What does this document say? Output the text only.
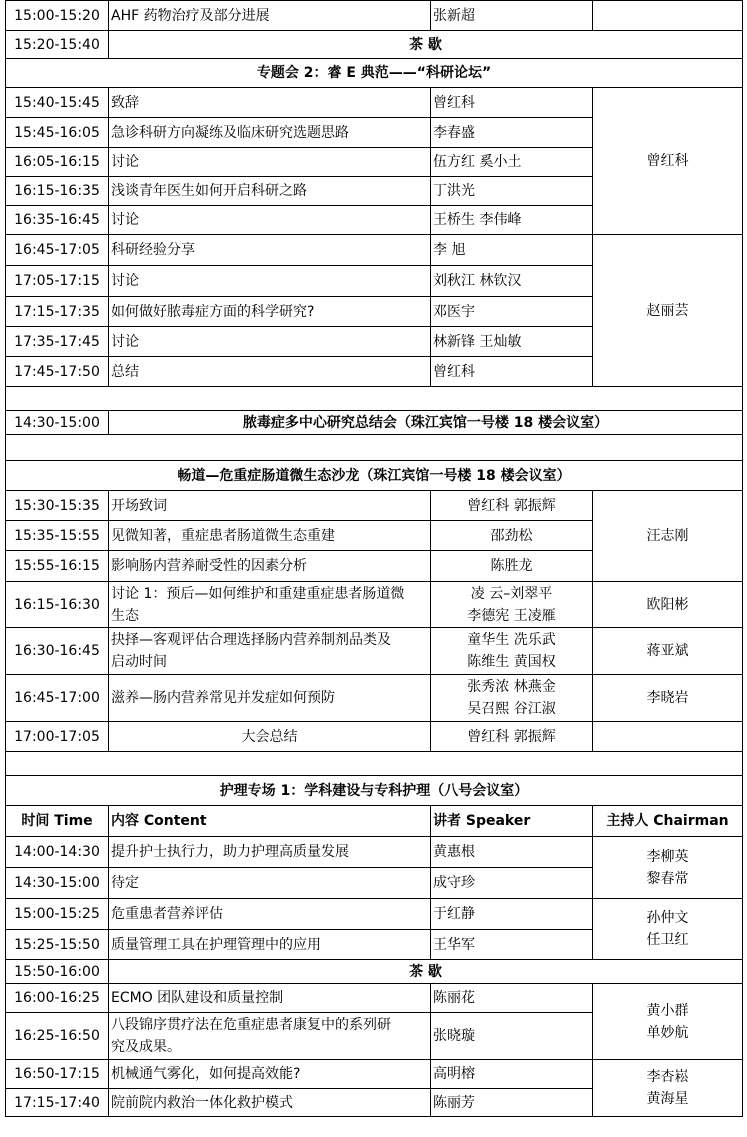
15:00-15:20	AHF 药物治疗及部分进展	张新超	
15:20-15:40	茶 歇		
专题会 2：睿 E 典范——“科研论坛”			
15:40-15:45	致辞	曾红科	曾红科
15:45-16:05	急诊科研方向凝练及临床研究选题思路	李春盛	
16:05-16:15	讨论	伍方红 奚小土	
16:15-16:35	浅谈青年医生如何开启科研之路	丁洪光	
16:35-16:45	讨论	王桥生 李伟峰	
16:45-17:05	科研经验分享	李 旭	赵丽芸
17:05-17:15	讨论	刘秋江 林钦汉	
17:15-17:35	如何做好脓毒症方面的科学研究?	邓医宇	
17:35-17:45	讨论	林新锋 王灿敏	
17:45-17:50	总结	曾红科	

14:30-15:00	脓毒症多中心研究总结会（珠江宾馆一号楼 18 楼会议室）		

畅道—危重症肠道微生态沙龙（珠江宾馆一号楼 18 楼会议室）			
15:30-15:35	开场致词	曾红科 郭振辉	汪志刚
15:35-15:55	见微知著，重症患者肠道微生态重建	邵劲松	
15:55-16:15	影响肠内营养耐受性的因素分析	陈胜龙	
16:15-16:30	讨论 1：预后—如何维护和重建重症患者肠道微
生态	凌 云–刘翠平
李德宪 王凌雁	欧阳彬
16:30-16:45	抉择—客观评估合理选择肠内营养制剂品类及
启动时间	童华生 冼乐武
陈维生 黄国权	蒋亚斌
16:45-17:00	滋养—肠内营养常见并发症如何预防	张秀浓 林燕金
吴召熙 谷江淑	李晓岩
17:00-17:05	大会总结	曾红科 郭振辉	

护理专场 1：学科建设与专科护理（八号会议室）			
时间 Time	内容 Content	讲者 Speaker	主持人 Chairman
14:00-14:30	提升护士执行力，助力护理高质量发展	黄惠根	李柳英
黎春常

14:30-15:00	待定	成守珍	
15:00-15:25	危重患者营养评估	于红静	孙仲文
任卫红

15:25-15:50	质量管理工具在护理管理中的应用	王华军	
15:50-16:00	茶 歇		
16:00-16:25	ECMO 团队建设和质量控制	陈丽花	黄小群
单妙航

16:25-16:50	八段锦序贯疗法在危重症患者康复中的系列研
究及成果。	张晓璇	
16:50-17:15	机械通气雾化，如何提高效能?	高明榕	李杏崧
黄海星

17:15-17:40	院前院内救治一体化救护模式	陈丽芳	
